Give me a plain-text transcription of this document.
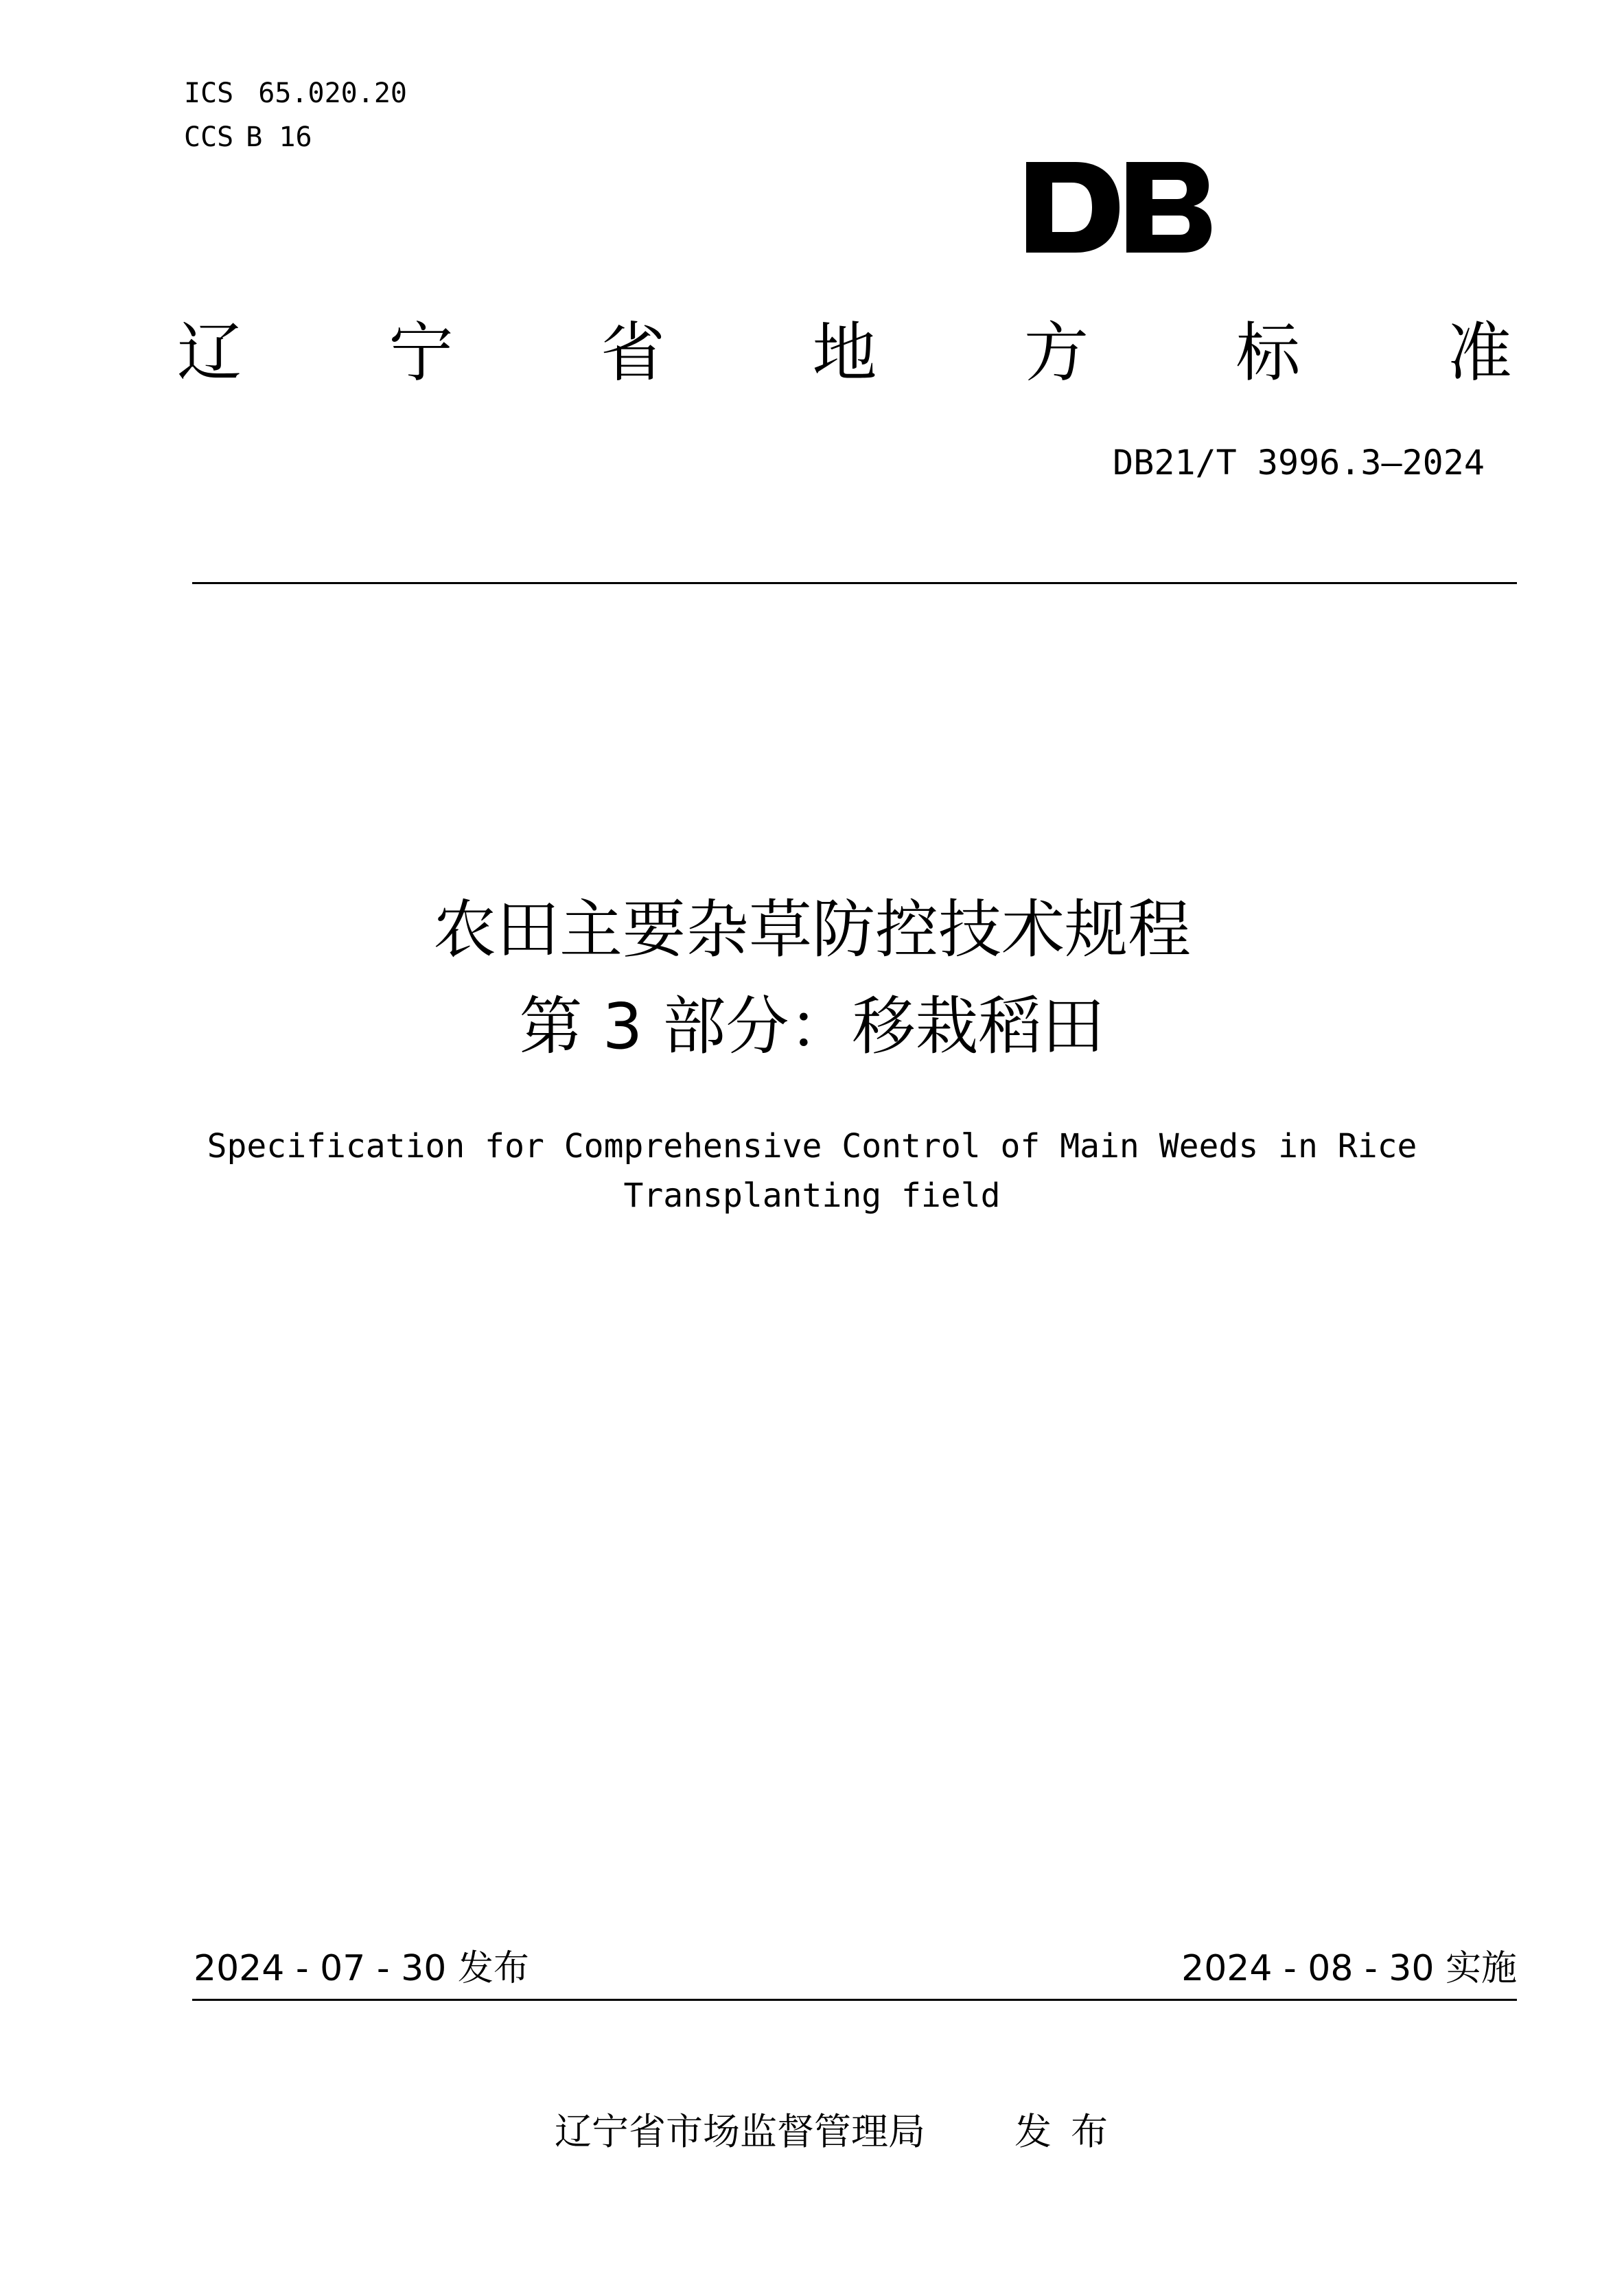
ICS 65.020.20
CCS B 16
辽 宁 省 地 方 标 准
DB21/T 3996.3—2024
农田主要杂草防控技术规程
第 3 部分：移栽稻田
Specification for Comprehensive Control of Main Weeds in Rice
Transplanting field
2024 - 07 - 30 发布	2024 - 08 - 30 实施
辽宁省市场监督管理局 发布
